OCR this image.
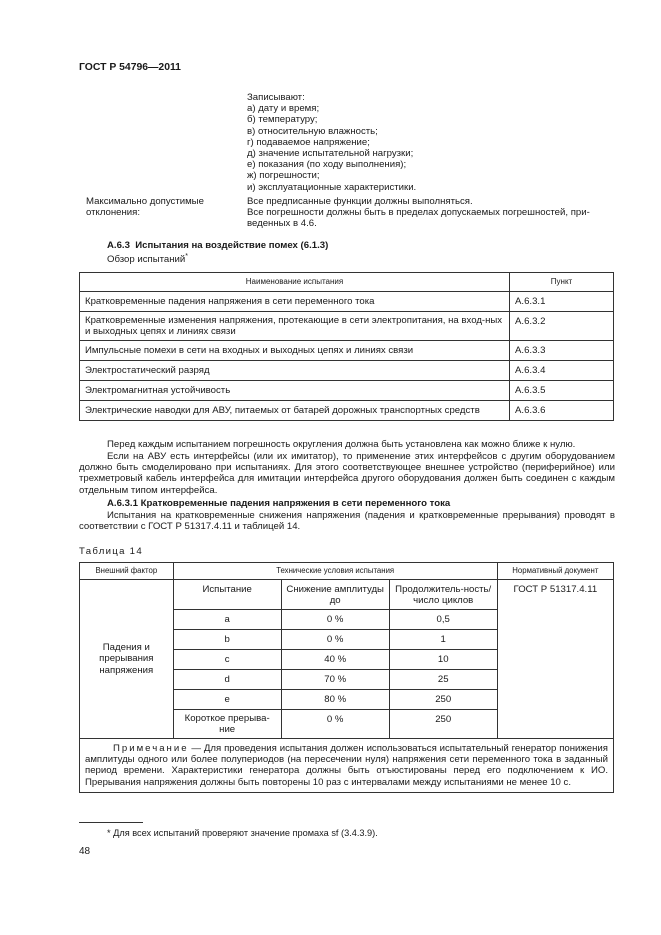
ГОСТ Р 54796—2011
Записывают:
а) дату и время;
б) температуру;
в) относительную влажность;
г) подаваемое напряжение;
д) значение испытательной нагрузки;
е) показания (по ходу выполнения);
ж) погрешности;
и) эксплуатационные характеристики.
Максимально допустимые
отклонения:
Все предписанные функции должны выполняться.
Все погрешности должны быть в пределах допускаемых погрешностей, при-
веденных в 4.6.
А.6.3 Испытания на воздействие помех (6.1.3)
Обзор испытаний*
Наименование испытания	Пункт
Кратковременные падения напряжения в сети переменного тока	А.6.3.1
Кратковременные изменения напряжения, протекающие в сети электропитания, на вход-ных и выходных цепях и линиях связи	А.6.3.2
Импульсные помехи в сети на входных и выходных цепях и линиях связи	А.6.3.3
Электростатический разряд	А.6.3.4
Электромагнитная устойчивость	А.6.3.5
Электрические наводки для АВУ, питаемых от батарей дорожных транспортных средств	А.6.3.6
Перед каждым испытанием погрешность округления должна быть установлена как можно ближе к нулю.
Если на АВУ есть интерфейсы (или их имитатор), то применение этих интерфейсов с другим оборудованием должно быть смоделировано при испытаниях. Для этого соответствующее внешнее устройство (периферийное) или трехметровый кабель интерфейса для имитации интерфейса другого оборудования должен быть соединен с каждым отдельным типом интерфейса.
А.6.3.1 Кратковременные падения напряжения в сети переменного тока
Испытания на кратковременные снижения напряжения (падения и кратковременные прерывания) проводят в соответствии с ГОСТ Р 51317.4.11 и таблицей 14.
Таблица 14
Внешний фактор	Технические условия испытания			Нормативный документ
Падения и прерывания напряжения	Испытание	Снижение амплитуды до	Продолжитель-ность/число циклов	ГОСТ Р 51317.4.11
	a	0 %	0,5	
	b	0 %	1	
	c	40 %	10	
	d	70 %	25	
	e	80 %	250	
	Короткое прерыва-ние	0 %	250	
Примечание — Для проведения испытания должен использоваться испытательный генератор понижения амплитуды одного или более полупериодов (на пересечении нуля) напряжения сети переменного тока в заданный период времени. Характеристики генератора должны быть отъюстированы перед его подключением к ИО. Прерывания напряжения должны быть повторены 10 раз с интервалами между испытаниями не менее 10 с.				
* Для всех испытаний проверяют значение промаха sf (3.4.3.9).
48
